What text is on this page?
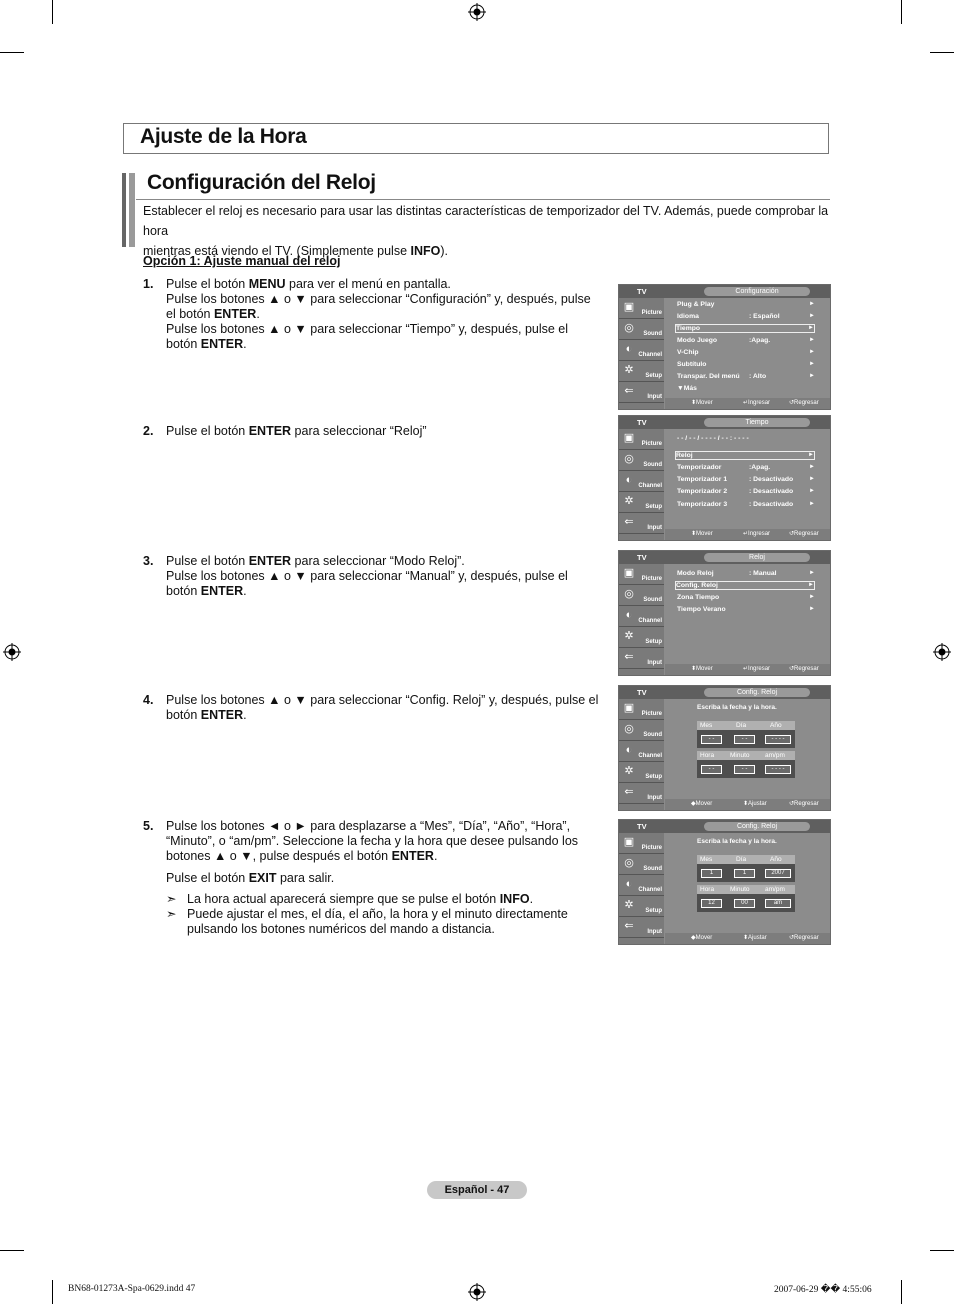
Ajuste de la Hora
Configuración del Reloj
Establecer el reloj es necesario para usar las distintas características de temporizador del TV. Además, puede comprobar la hora
mientras está viendo el TV. (Simplemente pulse INFO).
Opción 1: Ajuste manual del reloj
1. Pulse el botón MENU para ver el menú en pantalla.

Pulse los botones ▲ o ▼ para seleccionar “Configuración” y, después, pulse

el botón ENTER.

Pulse los botones ▲ o ▼ para seleccionar “Tiempo” y, después, pulse el

botón ENTER.

2. Pulse el botón ENTER para seleccionar “Reloj”

3. Pulse el botón ENTER para seleccionar “Modo Reloj”.

Pulse los botones ▲ o ▼ para seleccionar “Manual” y, después, pulse el

botón ENTER.

4. Pulse los botones ▲ o ▼ para seleccionar “Config. Reloj” y, después, pulse el

botón ENTER.

5. Pulse los botones ◄ o ► para desplazarse a “Mes”, “Día”, “Año”, “Hora”,

“Minuto”, o “am/pm”. Seleccione la fecha y la hora que desee pulsando los

botones ▲ o ▼, pulse después el botón ENTER.

Pulse el botón EXIT para salir.

➣ La hora actual aparecerá siempre que se pulse el botón INFO.
➣ Puede ajustar el mes, el día, el año, la hora y el minuto directamente
pulsando los botones numéricos del mando a distancia.
TV	Configuración
▣ Picture
◎	Sound
◐	Channel
✲	Setup
⇐	Input
Plug & Play	►
Idioma	: Español	►
Tiempo	►
Modo Juego	:Apag.	►
V-Chip	►
Subtítulo	►
Transpar. Del menú : Alto	►
▼Más
⬍ Mover	↵ Ingresar	↺ Regresar
TV	Tiempo
▣ Picture
◎	Sound
◐	Channel
✲	Setup
⇐	Input
- - / - - / - - - - / - - : - - - -
Reloj	►
Temporizador	:Apag.	►
Temporizador 1	: Desactivado	►
Temporizador 2	: Desactivado	►
Temporizador 3	: Desactivado	►
⬍ Mover	↵ Ingresar	↺ Regresar
TV	Reloj
▣ Picture
◎	Sound
◐	Channel
✲	Setup
⇐	Input
Modo Reloj	: Manual	►
Config. Reloj	►
Zona Tiempo	►
Tiempo Verano	►
⬍ Mover	↵ Ingresar	↺ Regresar
TV	Config. Reloj
▣ Picture
◎	Sound
◐	Channel
✲	Setup
⇐	Input
Escriba la fecha y la hora.
Mes	Día	Año
- -	- -	- - - -
Hora Minuto am/pm
- -	- -	- - - -
◆ Mover	⬍ Ajustar	↺ Regresar
TV	Config. Reloj
▣ Picture
◎	Sound
◐	Channel
✲	Setup
⇐	Input
Escriba la fecha y la hora.
Mes	Día	Año
1	1	2007
Hora Minuto am/pm
12	00	am
◆ Mover	⬍ Ajustar	↺ Regresar
Español - 47
BN68-01273A-Spa-0629.indd 47	2007-06-29 �� 4:55:06
